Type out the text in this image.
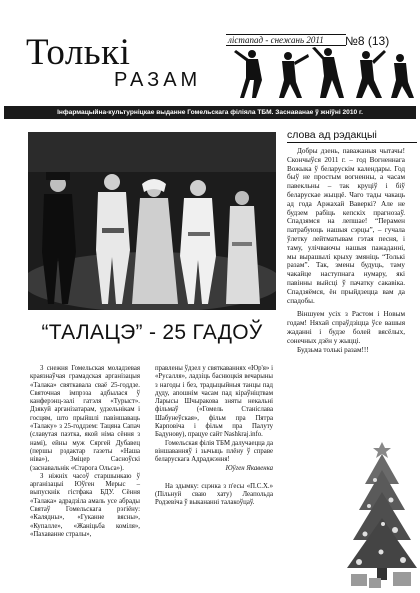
Толькі
РАЗАМ
лістапад - снежань 2011	№8 (13)
Інфармацыйна-культурніцкае выданне Гомельскага філіяла ТБМ. Заснаванае ў жніўні 2010 г.
“ТАЛАЦЭ” - 25 ГАДОЎ

3 снежня Гомельская моладзевая краязнаўчая грамадская арганізацыя «Талака» святкавала сваё 25-годдзе. Святочная імпрэза адбылася ў канферэнц-залі гатэля «Турыст». Дзякуй арганізатарам, удзельнікам і госцям, што прыйшлі павіншаваць «Талаку» з 25-годдзем: Тацяна Сапач (славутая паэтка, якой німа сёння з намі), ейны муж Сяргей Дубавец (першы рэдактар газеты «Наша ніва»), Зміцер Сасноўскі (заснавальнік «Старога Ольса»).

З ніжніх часоў старшынкаю ў арганізацыі Юўген Мерыс – выпускнік гістфака БДУ. Сёння «Талака» адрадзіла амаль усе абрады Святаў Гомельскага рэгіёну: «Калядны», «Гуканне вясны», «Купалле», «Жаніцьба коміля», «Пахаванне стралы»,

правлены ўдзел у святкаваннях «Юр'я» і «Русалля», ладзіць баснюцкія вечарыны з нагоды і без, традыцыйныя танцы пад дуду, апошнім часам пад кіраўніцтвам Ларысы Шчыракова зняты некальні фільмаў («Гомель Станіслава Шабунеўская», фільм пра Пятра Карповіча і фільм пра Палуту Бадунову), працуе сайт Nashkraj.info.

Гомельская філія ТБМ далучаецца да віншаванняў і зычыць плёну ў справе беларускага Адраджэння!

Юўген Якавенка

На здымку: сцэнка з п'есы «П.С.Х.» (Пільнуй сваю хату) Леапольда Родзевіча ў выкананні талакоўцаў.

слова ад рэдакцыі

Добры дзень, паважаныя чытачы! Скончыўся 2011 г. – год Вогненнага Вожыка ў беларускім календары. Год быў не простым вогненны, а часам павекльны – так круціў і біў беларускае жыццё. Чаго тады чакаць ад года Аржахай Ваверкі? Але не будзем рабіць кепскіх прагнозаў. Спадзямся на лепшае! “Перамен патрабуюць нашыя сэрцы”, – гучала ўлетку лейтматывам гэтая песня, і таму, улічваючы нашыя пажаданні, мы вырашылі крыху змяніць “Толькі разам”. Так, змены будуць, таму чакайце наступнага нумару, які павінны выйсці ў пачатку сакавіка. Спадзяёмся, ён прыйдзецца вам да спадобы.

Віншуем усіх з Растом і Новым годам! Няхай спраўдзіцца ўсе вашыя жаданні і будзе болей вясёлых, сонечных дзён у жыцці.

Будзьма толькі разам!!!
